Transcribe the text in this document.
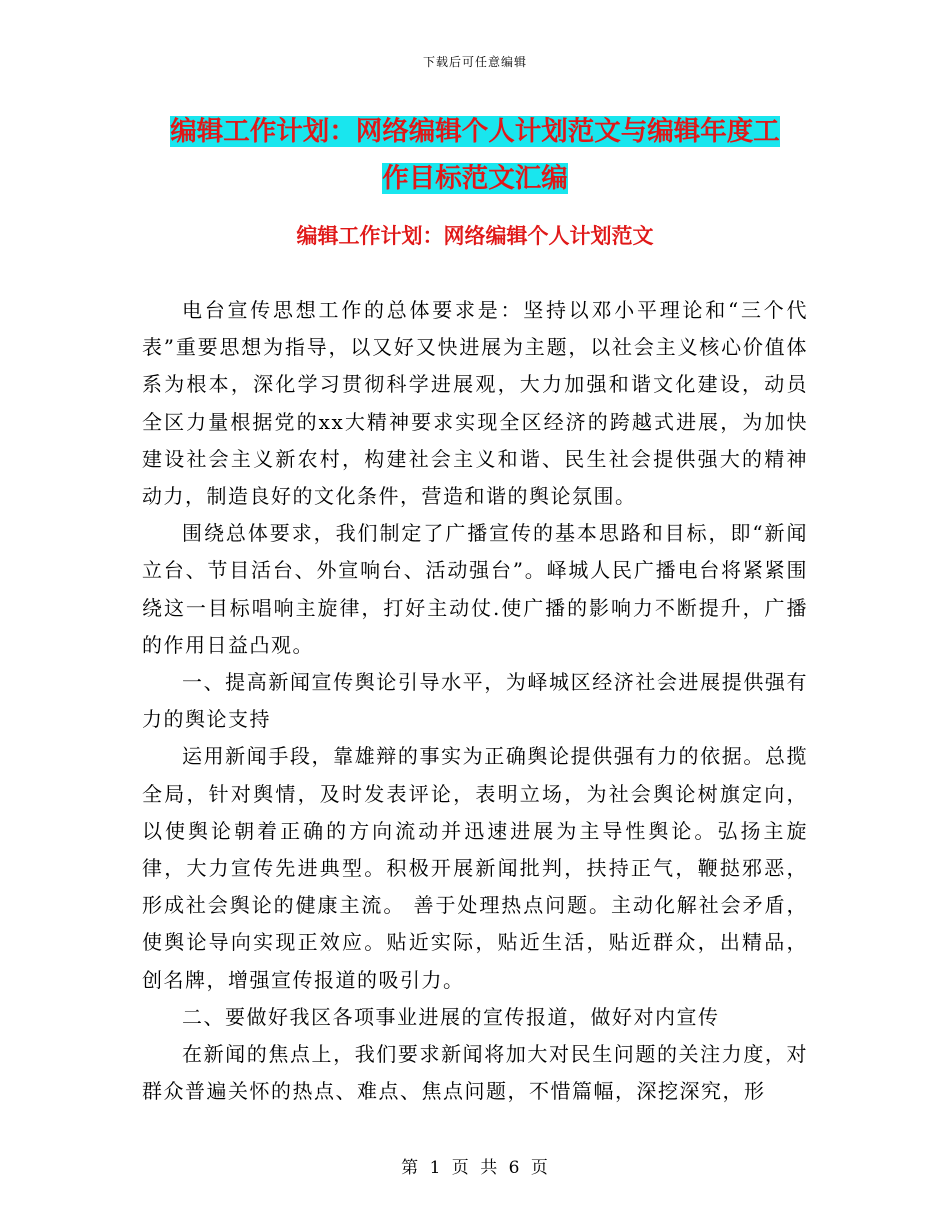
下载后可任意编辑
编辑工作计划：网络编辑个人计划范文与编辑年度工
作目标范文汇编
编辑工作计划：网络编辑个人计划范文

电台宣传思想工作的总体要求是：坚持以邓小平理论和“三个代表”重要思想为指导，以又好又快进展为主题，以社会主义核心价值体系为根本，深化学习贯彻科学进展观，大力加强和谐文化建设，动员全区力量根据党的xx大精神要求实现全区经济的跨越式进展，为加快建设社会主义新农村，构建社会主义和谐、民生社会提供强大的精神动力，制造良好的文化条件，营造和谐的舆论氛围。

围绕总体要求，我们制定了广播宣传的基本思路和目标，即“新闻立台、节目活台、外宣响台、活动强台”。峄城人民广播电台将紧紧围绕这一目标唱响主旋律，打好主动仗.使广播的影响力不断提升，广播的作用日益凸观。

一、提高新闻宣传舆论引导水平，为峄城区经济社会进展提供强有力的舆论支持

运用新闻手段，靠雄辩的事实为正确舆论提供强有力的依据。总揽全局，针对舆情，及时发表评论，表明立场，为社会舆论树旗定向，以使舆论朝着正确的方向流动并迅速进展为主导性舆论。弘扬主旋律，大力宣传先进典型。积极开展新闻批判，扶持正气，鞭挞邪恶，形成社会舆论的健康主流。 善于处理热点问题。主动化解社会矛盾，使舆论导向实现正效应。贴近实际，贴近生活，贴近群众，出精品，创名牌，增强宣传报道的吸引力。

二、要做好我区各项事业进展的宣传报道，做好对内宣传

在新闻的焦点上，我们要求新闻将加大对民生问题的关注力度，对群众普遍关怀的热点、难点、焦点问题，不惜篇幅，深挖深究，形

第 1 页 共 6 页
